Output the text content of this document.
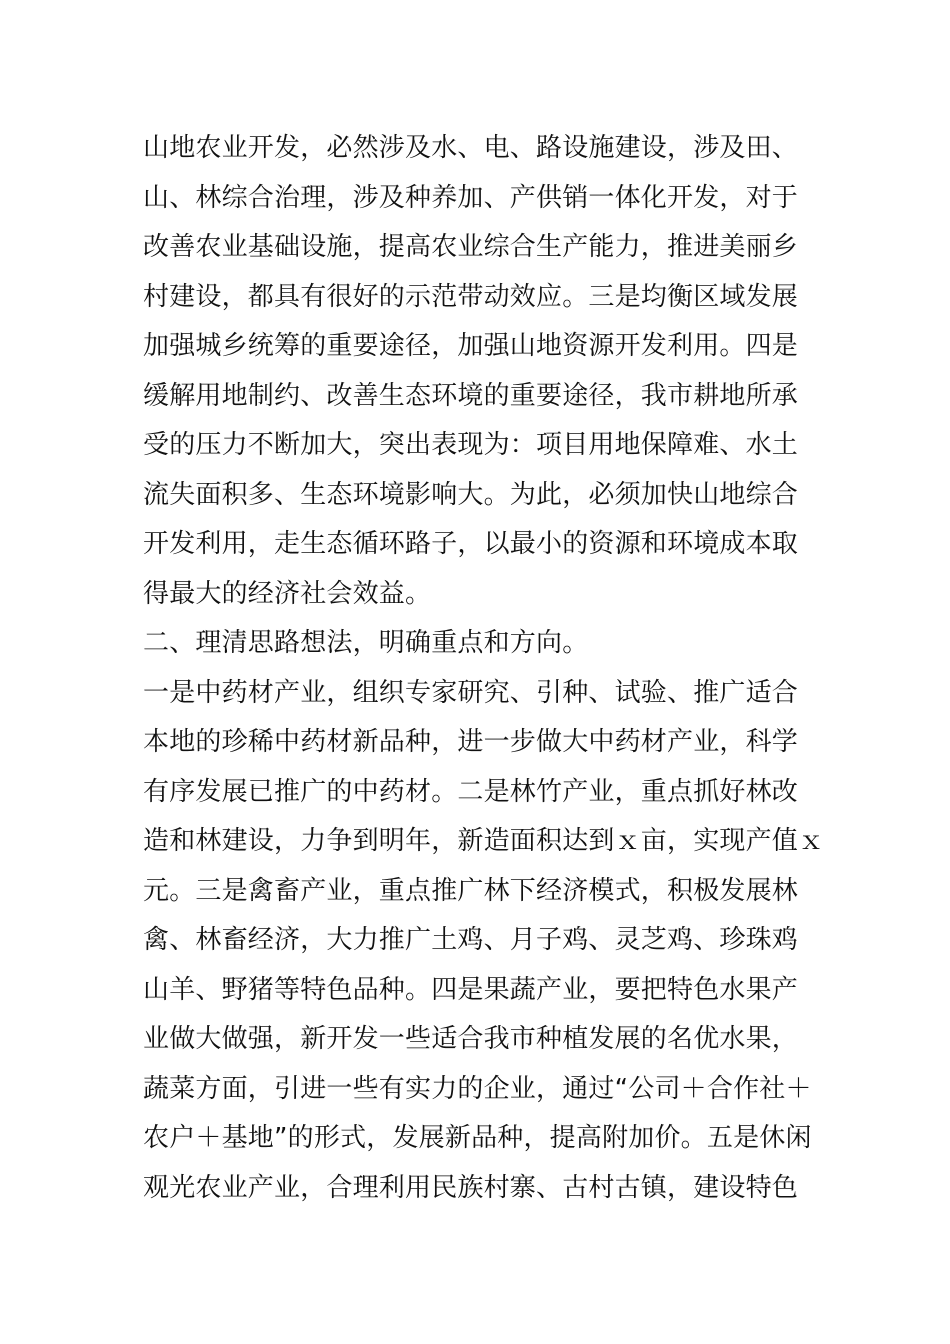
山地农业开发，必然涉及水、电、路设施建设，涉及田、
山、林综合治理，涉及种养加、产供销一体化开发，对于
改善农业基础设施，提高农业综合生产能力，推进美丽乡
村建设，都具有很好的示范带动效应。三是均衡区域发展
加强城乡统筹的重要途径，加强山地资源开发利用。四是
缓解用地制约、改善生态环境的重要途径，我市耕地所承
受的压力不断加大，突出表现为：项目用地保障难、水土
流失面积多、生态环境影响大。为此，必须加快山地综合
开发利用，走生态循环路子，以最小的资源和环境成本取
得最大的经济社会效益。
二、理清思路想法，明确重点和方向。
一是中药材产业，组织专家研究、引种、试验、推广适合
本地的珍稀中药材新品种，进一步做大中药材产业，科学
有序发展已推广的中药材。二是林竹产业，重点抓好林改
造和林建设，力争到明年，新造面积达到ｘ亩，实现产值ｘ
元。三是禽畜产业，重点推广林下经济模式，积极发展林
禽、林畜经济，大力推广土鸡、月子鸡、灵芝鸡、珍珠鸡
山羊、野猪等特色品种。四是果蔬产业，要把特色水果产
业做大做强，新开发一些适合我市种植发展的名优水果，
蔬菜方面，引进一些有实力的企业，通过“公司＋合作社＋
农户＋基地”的形式，发展新品种，提高附加价。五是休闲
观光农业产业，合理利用民族村寨、古村古镇，建设特色
